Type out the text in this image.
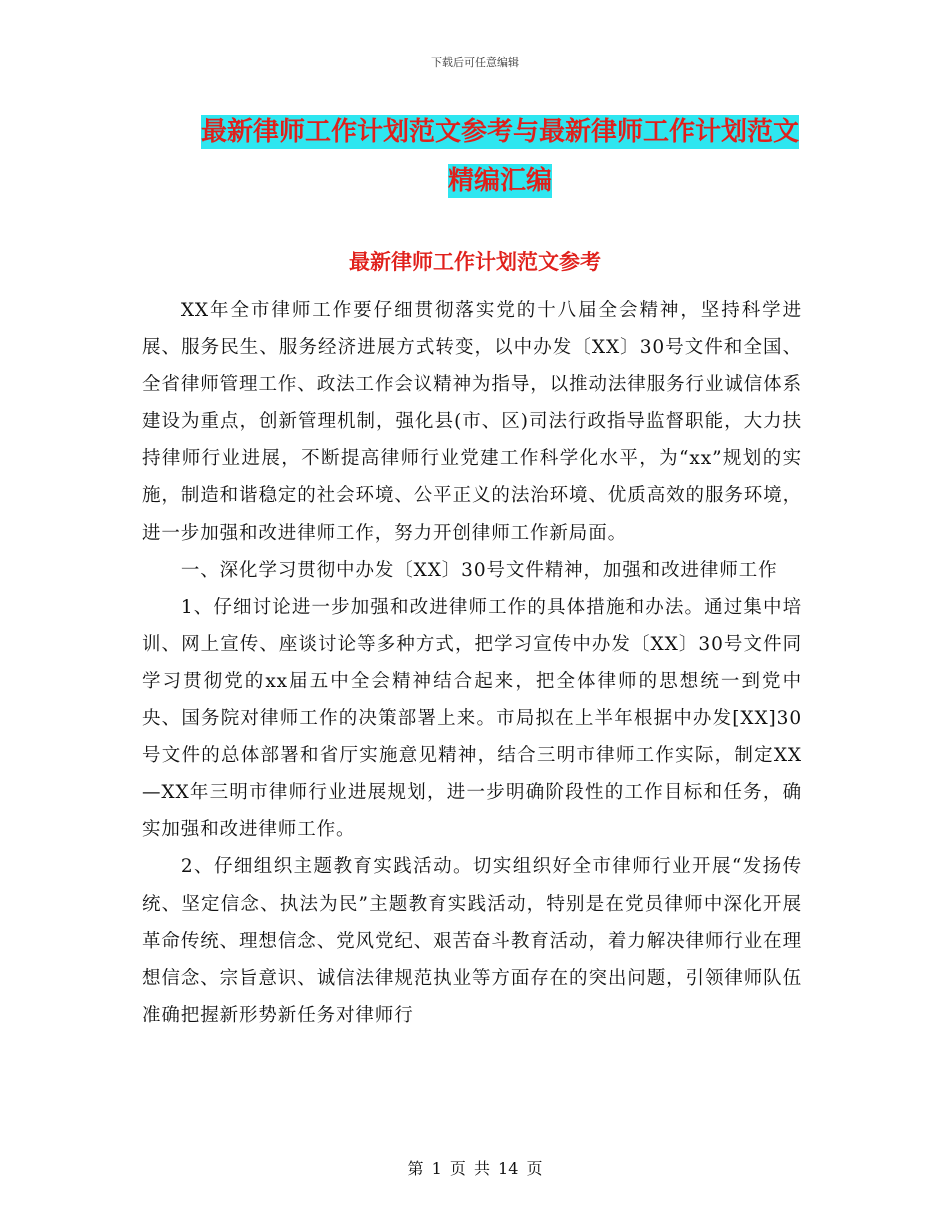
下载后可任意编辑
最新律师工作计划范文参考与最新律师工作计划范文
精编汇编
最新律师工作计划范文参考

XX年全市律师工作要仔细贯彻落实党的十八届全会精神，坚持科学进展、服务民生、服务经济进展方式转变，以中办发〔XX〕30号文件和全国、全省律师管理工作、政法工作会议精神为指导，以推动法律服务行业诚信体系建设为重点，创新管理机制，强化县(市、区)司法行政指导监督职能，大力扶持律师行业进展，不断提高律师行业党建工作科学化水平，为“xx”规划的实施，制造和谐稳定的社会环境、公平正义的法治环境、优质高效的服务环境，进一步加强和改进律师工作，努力开创律师工作新局面。

一、深化学习贯彻中办发〔XX〕30号文件精神，加强和改进律师工作

1、仔细讨论进一步加强和改进律师工作的具体措施和办法。通过集中培训、网上宣传、座谈讨论等多种方式，把学习宣传中办发〔XX〕30号文件同学习贯彻党的xx届五中全会精神结合起来，把全体律师的思想统一到党中央、国务院对律师工作的决策部署上来。市局拟在上半年根据中办发[XX]30号文件的总体部署和省厅实施意见精神，结合三明市律师工作实际，制定XX—XX年三明市律师行业进展规划，进一步明确阶段性的工作目标和任务，确实加强和改进律师工作。

2、仔细组织主题教育实践活动。切实组织好全市律师行业开展“发扬传统、坚定信念、执法为民”主题教育实践活动，特别是在党员律师中深化开展革命传统、理想信念、党风党纪、艰苦奋斗教育活动，着力解决律师行业在理想信念、宗旨意识、诚信法律规范执业等方面存在的突出问题，引领律师队伍准确把握新形势新任务对律师行

第 1 页 共 14 页
